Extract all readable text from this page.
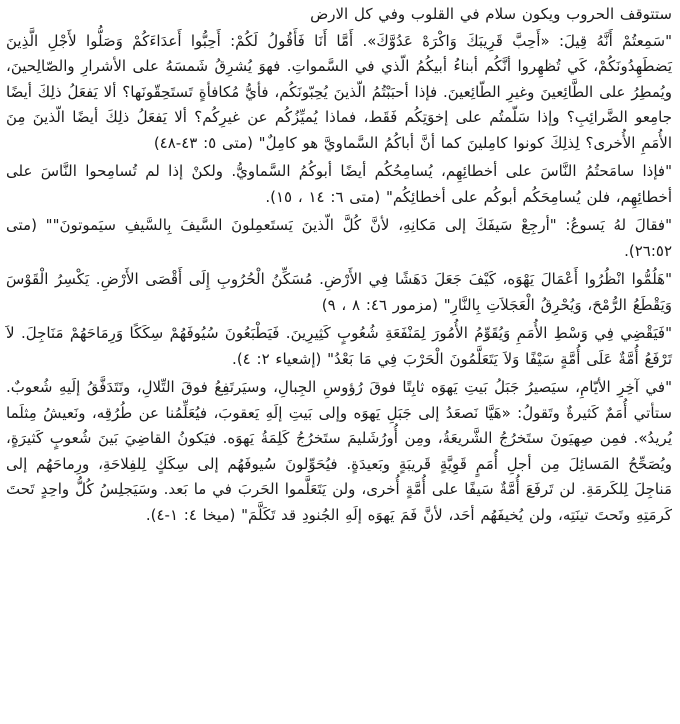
ستتوقف الحروب ويكون سلام في القلوب وفي كل الارض

"سَمِعتُمْ أَنَّهُ قِيلَ: «أَحِبَّ قَرِيبَكَ وَاكْرَهْ عَدُوَّكَ». أَمَّا أَنَا فَأَقُولُ لَكُمْ: أَحِبُّوا أَعدَاءَكُمْ وَصَلُّوا لأَجْلِ الَّذِينَ يَضطَهِدُونَكُمْ، كَي تُظهِروا أنَّكُم أبناءُ أبيكُمُ الّذي في السَّمواتِ. فهوَ يُشرِقُ شَمسَهُ على الأشرارِ والصّالِحينَ، ويُمطِرُ على الطَّائِعينَ وغيرِ الطّائِعينَ. فإذا أحبَبْتُمُ الّذينَ يُحِبّونَكُم، فأيُّ مُكافأةٍ تَستَحِقّونَها؟ ألا يَفعَلُ ذلِكَ أيضًا جامِعو الضَّرائِبِ؟ وإذا سَلّمتُم على إخوَتِكُم فَقَط، فماذا يُميِّزُكُم عن غيرِكُم؟ ألا يَفعَلُ ذلِكَ أيضًا الّذينَ مِنَ الأُمَمِ الأُخرى؟ لِذلِكَ كونوا كامِلينَ كما أنَّ أباكُمُ السَّماويَّ هو كامِلٌ" (متى ٥: ٤٣-٤٨)

"فإذا سامَحتُمُ النَّاسَ على أخطائِهِم، يُسامِحُكُم أيضًا أبوكُمُ السَّماويُّ. ولكنْ إذا لم تُسامِحوا النَّاسَ على أخطائِهِم، فلن يُسامِحَكُم أبوكُم على أخطائِكُم" (متى ٦: ١٤ ، ١٥).

"فقالَ لهُ يَسوعُ: "أرجِعْ سَيفَكَ إلى مَكانِهِ، لأنَّ كُلَّ الّذينَ يَستَعمِلونَ السَّيفَ بِالسَّيفِ سيَموتونَ"" (متى ٢٦:٥٢).

"هَلُمُّوا انْظُرُوا أَعْمَالَ يَهْوَه، كَيْفَ جَعَلَ دَهَشًا فِي الأَرْضِ. مُسَكِّنُ الْحُرُوبِ إِلَى أَقْصَى الأَرْضِ. يَكْسِرُ الْقَوْسَ وَيَقْطَعُ الرُّمْحَ، وَيُحْرِقُ الْعَجَلاَتِ بِالنَّارِ" (مزمور ٤٦: ٨ ، ٩)

"فَيَقْضِي فِي وَسْطِ الأُمَمِ وَيُقَوِّمُ الأُمُورَ لِمَنْفَعَةِ شُعُوبٍ كَثِيرِينَ. فَيَطْبَعُونَ سُيُوفَهُمْ سِكَكًا وَرِمَاحَهُمْ مَنَاجِلَ. لاَ تَرْفَعُ أُمَّةٌ عَلَى أُمَّةٍ سَيْفًا وَلاَ يَتَعَلَّمُونَ الْحَرْبَ فِي مَا بَعْدُ" (إشعياء ٢: ٤).

"في آخِرِ الأيّامِ، سيَصيرُ جَبَلُ بَيتِ يَهوَه ثابِتًا فوقَ رُؤوسِ الجِبالِ، وسيَرتَفِعُ فوقَ التِّلالِ، وتَتَدَفَّقُ إلَيهِ شُعوبٌ. ستأتي أُمَمٌ كَثيرةٌ وتَقولُ: «هَيَّا نَصعَدُ إلى جَبَلِ يَهوَه وإلى بَيتِ إلَهِ يَعقوبَ، فيُعَلِّمُنا عن طُرُقِه، ونَعيشُ مِثلَما يُريدُ». فمِن صِهيَونَ ستَخرُجُ الشَّريعَةُ، ومِن أُورُشَليمَ ستَخرُجُ كَلِمَةُ يَهوَه. فيَكونُ القاضِيَ بَينَ شُعوبٍ كَثيرَةٍ، ويُصَحِّحُ المَسائِلَ مِن أجلِ أُمَمٍ قَوِيَّةٍ قَريبَةٍ وبَعيدَةٍ. فيُحَوِّلونَ سُيوفَهُم إلى سِكَكٍ لِلفِلاحَةِ، ورِماحَهُم إلى مَناجِلَ لِلكَرمَةِ. لن تَرفَعَ أُمَّةٌ سَيفًا على أُمَّةٍ أُخرى، ولن يَتَعَلَّموا الحَربَ في ما بَعد. وسَيَجلِسُ كُلُّ واحِدٍ تَحتَ كَرمَتِهِ وتَحتَ تينَتِه، ولن يُخيفَهُم أحَد، لأنَّ فَمَ يَهوَه إلَهِ الجُنودِ قد تَكَلَّمَ" (ميخا ٤: ١-٤).
